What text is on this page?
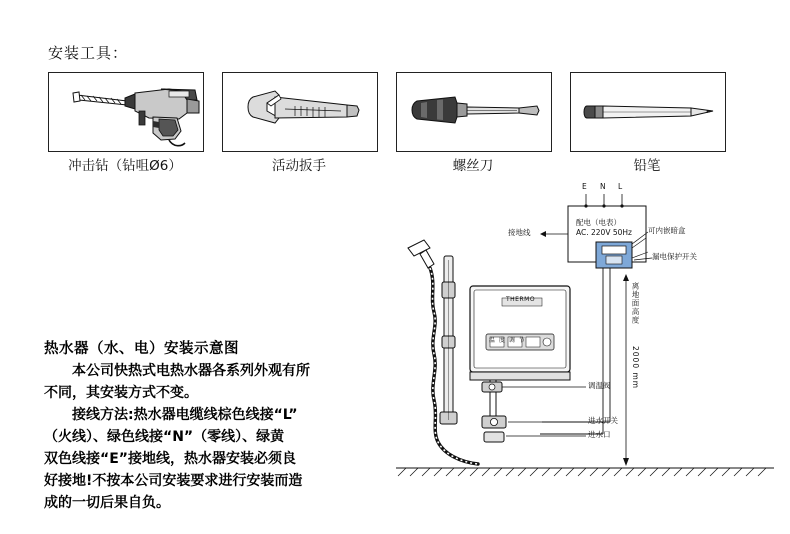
安装工具：
冲击钻（钻咀Ø6）	活动扳手	螺丝刀	铅笔
热水器（水、电）安装示意图

本公司快热式电热水器各系列外观有所

不同，其安装方式不变。

接线方法:热水器电缆线棕色线接“L”

（火线）、绿色线接“N”（零线）、绿黄

双色线接“E”接地线，热水器安装必须良

好接地!不按本公司安装要求进行安装而造

成的一切后果自负。

E N L
配电（电表）
AC. 220V 50Hz
接地线	可内嵌暗盒
漏电保护开关
离地面高度
2000 mm
调温阀
进水开关
进水口
THERMO
温 度 调 节
